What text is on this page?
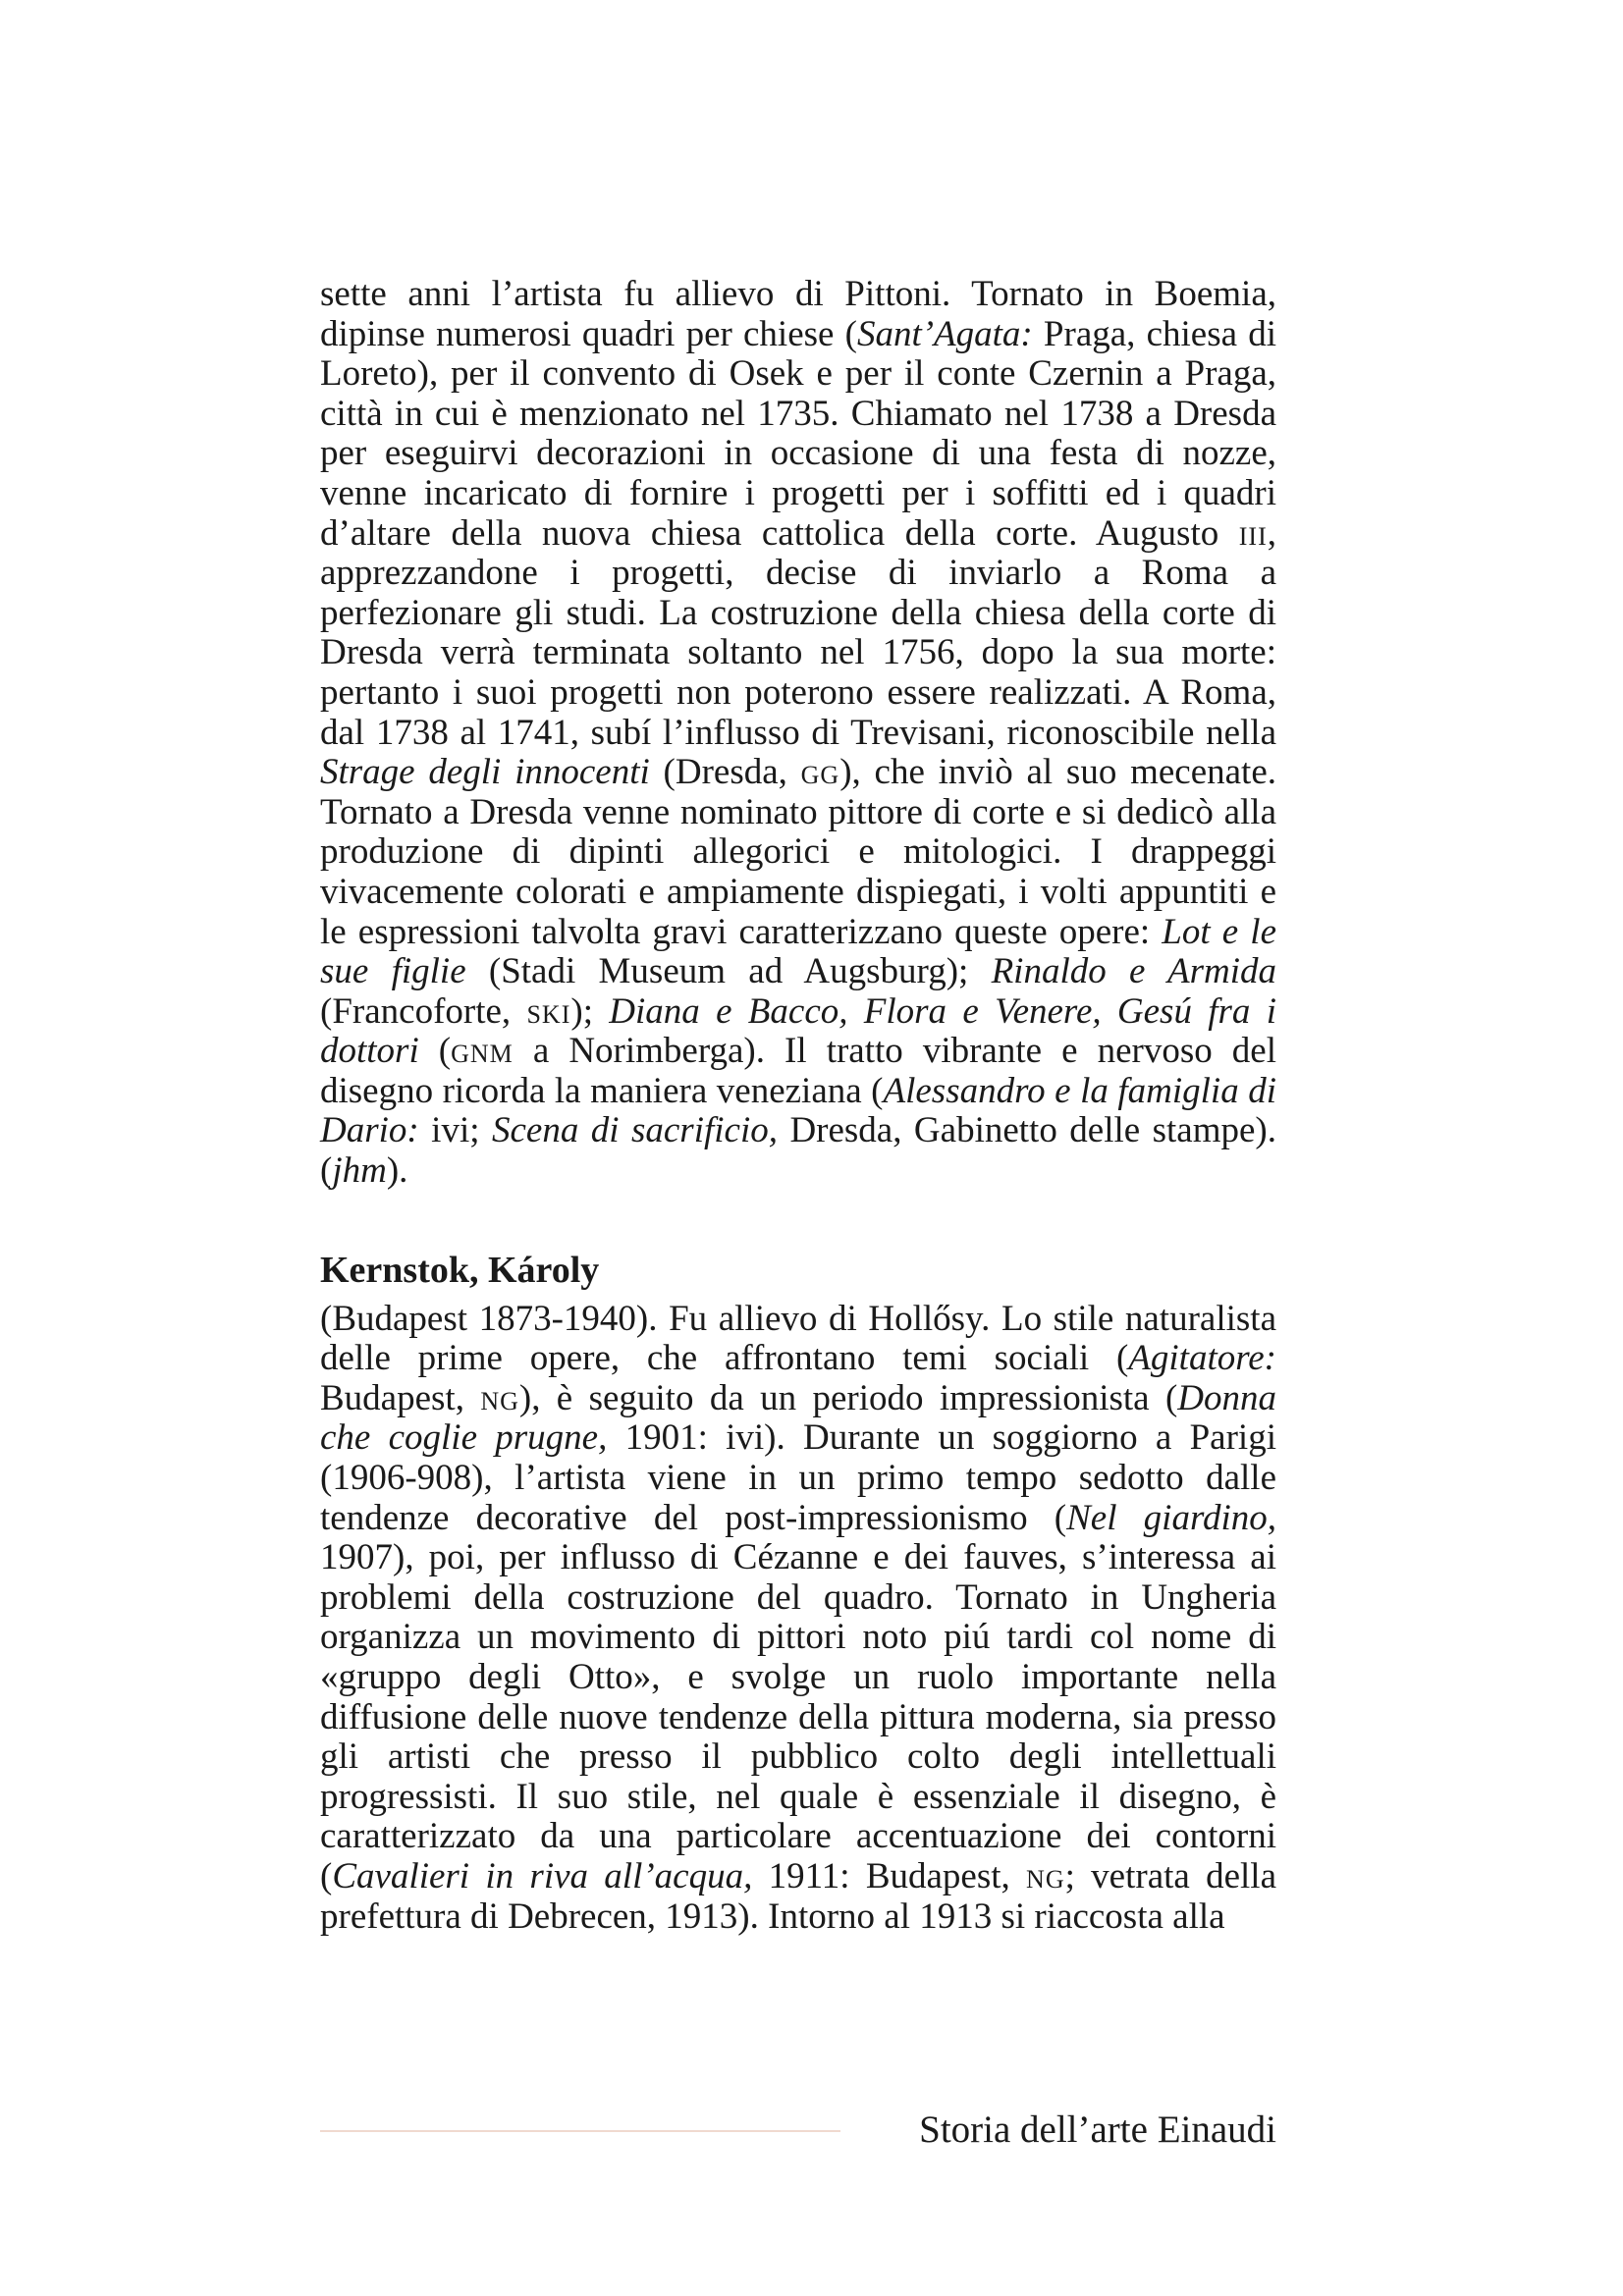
sette anni l’artista fu allievo di Pittoni. Tornato in Boemia, dipinse numerosi quadri per chiese (Sant’Agata: Praga, chiesa di Loreto), per il convento di Osek e per il conte Czernin a Praga, città in cui è menzionato nel 1735. Chiamato nel 1738 a Dresda per eseguirvi decorazioni in occasione di una festa di nozze, venne incaricato di fornire i progetti per i soffitti ed i quadri d’altare della nuova chiesa cattolica della corte. Augusto iii, apprezzandone i progetti, decise di inviarlo a Roma a perfezionare gli studi. La costruzione della chiesa della corte di Dresda verrà terminata soltanto nel 1756, dopo la sua morte: pertanto i suoi progetti non poterono essere realizzati. A Roma, dal 1738 al 1741, subí l’influsso di Trevisani, riconoscibile nella Strage degli innocenti (Dresda, gg), che inviò al suo mecenate. Tornato a Dresda venne nominato pittore di corte e si dedicò alla produzione di dipinti allegorici e mitologici. I drappeggi vivacemente colorati e ampiamente dispiegati, i volti appuntiti e le espressioni talvolta gravi caratterizzano queste opere: Lot e le sue figlie (Stadi Museum ad Augsburg); Rinaldo e Armida (Francoforte, ski); Diana e Bacco, Flora e Venere, Gesú fra i dottori (gnm a Norimberga). Il tratto vibrante e nervoso del disegno ricorda la maniera veneziana (Alessandro e la famiglia di Dario: ivi; Scena di sacrificio, Dresda, Gabinetto delle stampe). (jhm).

Kernstok, Károly

(Budapest 1873-1940). Fu allievo di Hollősy. Lo stile naturalista delle prime opere, che affrontano temi sociali (Agitatore: Budapest, ng), è seguito da un periodo impressionista (Donna che coglie prugne, 1901: ivi). Durante un soggiorno a Parigi (1906-908), l’artista viene in un primo tempo sedotto dalle tendenze decorative del post-impressionismo (Nel giardino, 1907), poi, per influsso di Cézanne e dei fauves, s’interessa ai problemi della costruzione del quadro. Tornato in Ungheria organizza un movimento di pittori noto piú tardi col nome di «gruppo degli Otto», e svolge un ruolo importante nella diffusione delle nuove tendenze della pittura moderna, sia presso gli artisti che presso il pubblico colto degli intellettuali progressisti. Il suo stile, nel quale è essenziale il disegno, è caratterizzato da una particolare accentuazione dei contorni (Cavalieri in riva all’acqua, 1911: Budapest, ng; vetrata della prefettura di Debrecen, 1913). Intorno al 1913 si riaccosta alla

Storia dell’arte Einaudi
